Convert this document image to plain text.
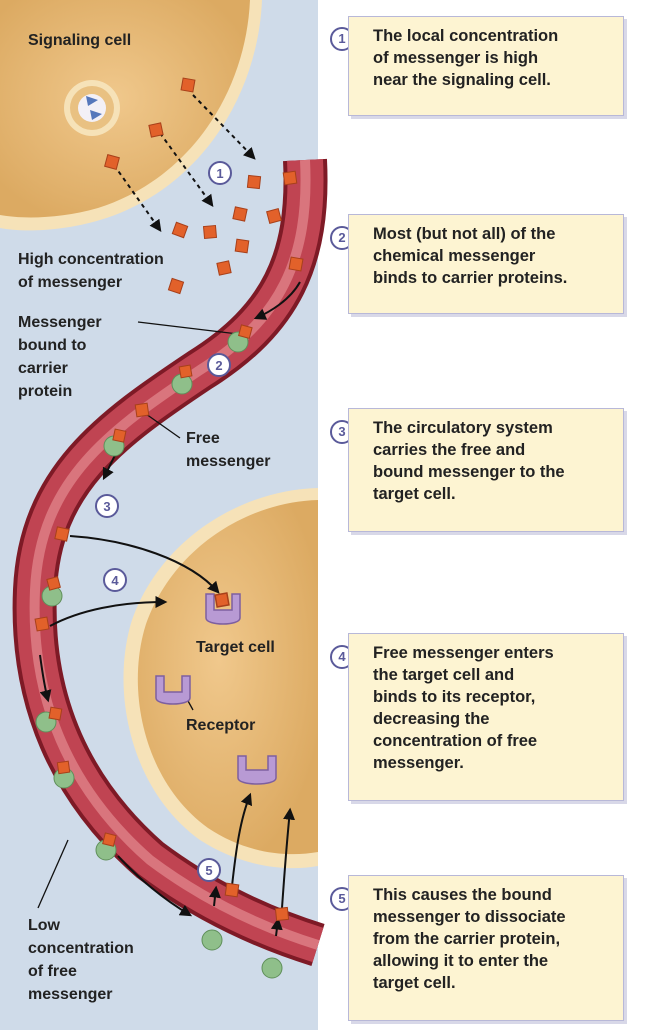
1
2
3
4
5
Signaling cell
High concentration
of messenger
Messenger
bound to
carrier
protein
Free
messenger
Target cell
Receptor
Low
concentration
of free
messenger
1	The local concentration
of messenger is high
near the signaling cell.
2	Most (but not all) of the
chemical messenger
binds to carrier proteins.
3	The circulatory system
carries the free and
bound messenger to the
target cell.
4	Free messenger enters
the target cell and
binds to its receptor,
decreasing the
concentration of free
messenger.
5	This causes the bound
messenger to dissociate
from the carrier protein,
allowing it to enter the
target cell.
